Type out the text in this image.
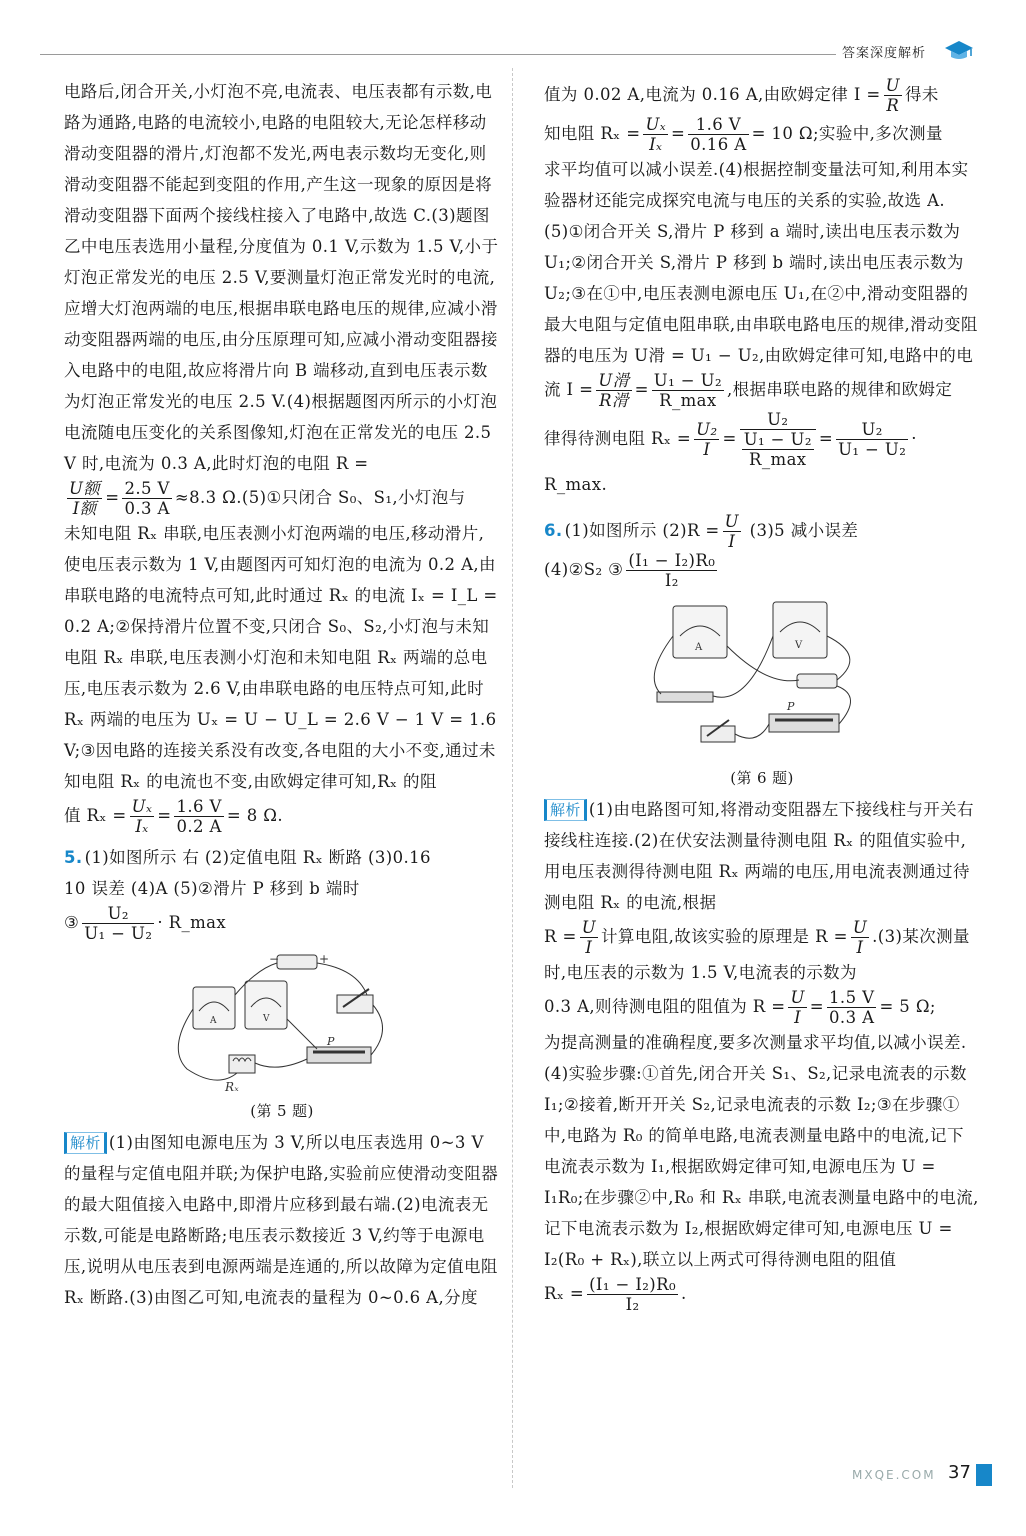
答案深度解析

电路后,闭合开关,小灯泡不亮,电流表、电压表都有示数,电路为通路,电路的电流较小,电路的电阻较大,无论怎样移动滑动变阻器的滑片,灯泡都不发光,两电表示数均无变化,则滑动变阻器不能起到变阻的作用,产生这一现象的原因是将滑动变阻器下面两个接线柱接入了电路中,故选 C.(3)题图乙中电压表选用小量程,分度值为 0.1 V,示数为 1.5 V,小于灯泡正常发光的电压 2.5 V,要测量灯泡正常发光时的电流,应增大灯泡两端的电压,根据串联电路电压的规律,应减小滑动变阻器两端的电压,由分压原理可知,应减小滑动变阻器接入电路中的电阻,故应将滑片向 B 端移动,直到电压表示数为灯泡正常发光的电压 2.5 V.(4)根据题图丙所示的小灯泡电流随电压变化的关系图像知,灯泡在正常发光的电压 2.5 V 时,电流为 0.3 A,此时灯泡的电阻 R =

$\frac{\text{U额}}{\text{I额}} = \frac{2.5 V}{0.3 A} \approx 8.3$ Ω.(5)①只闭合 S₀、S₁,小灯泡与

未知电阻 Rₓ 串联,电压表测小灯泡两端的电压,移动滑片,使电压表示数为 1 V,由题图丙可知灯泡的电流为 0.2 A,由串联电路的电流特点可知,此时通过 Rₓ 的电流 Iₓ = I_L = 0.2 A;②保持滑片位置不变,只闭合 S₀、S₂,小灯泡与未知电阻 Rₓ 串联,电压表测小灯泡和未知电阻 Rₓ 两端的总电压,电压表示数为 2.6 V,由串联电路的电压特点可知,此时 Rₓ 两端的电压为 Uₓ = U − U_L = 2.6 V − 1 V = 1.6 V;③因电路的连接关系没有改变,各电阻的大小不变,通过未知电阻 Rₓ 的电流也不变,由欧姆定律可知,Rₓ 的阻

值 $R_x = \frac{\text{Uₓ}}{\text{Iₓ}} = \frac{1.6 V}{0.2 A} = 8$ Ω.
5. (1)如图所示 右 (2)定值电阻 Rₓ 断路 (3)0.16
10 误差 (4)A (5)②滑片 P 移到 b 端时
③ $\frac{\text{U₂}}{\text{U₁ − U₂}}$ · R_max
−	+
A	V
P
Rₓ
(第 5 题)

解析 (1)由图知电源电压为 3 V,所以电压表选用 0~3 V 的量程与定值电阻并联;为保护电路,实验前应使滑动变阻器的最大阻值接入电路中,即滑片应移到最右端.(2)电流表无示数,可能是电路断路;电压表示数接近 3 V,约等于电源电压,说明从电压表到电源两端是连通的,所以故障为定值电阻 Rₓ 断路.(3)由图乙可知,电流表的量程为 0~0.6 A,分度

值为 0.02 A,电流为 0.16 A,由欧姆定律 $I = \frac{U}{R}$ 得未
知电阻 $R_x = \frac{\text{Uₓ}}{\text{Iₓ}} = \frac{1.6 V}{0.16 A} = 10$ Ω;实验中,多次测量

求平均值可以减小误差.(4)根据控制变量法可知,利用本实验器材还能完成探究电流与电压的关系的实验,故选 A.(5)①闭合开关 S,滑片 P 移到 a 端时,读出电压表示数为 U₁;②闭合开关 S,滑片 P 移到 b 端时,读出电压表示数为 U₂;③在①中,电压表测电源电压 U₁,在②中,滑动变阻器的最大电阻与定值电阻串联,由串联电路电压的规律,滑动变阻器的电压为 U滑 = U₁ − U₂,由欧姆定律可知,电路中的电

流 $I = \frac{\text{U滑}}{\text{R滑}} = \frac{\text{U₁ − U₂}}{R\_\max}$ ,根据串联电路的规律和欧姆定
律得待测电阻 $R_x = \frac{\text{U₂}}{I} = \frac{\text{U₂}}{\frac{\text{U₁ − U₂}}{R\_\max}} = \frac{\text{U₂}}{\text{U₁ − U₂}}$ · R_max.
6. (1)如图所示 $(2)R = \frac{U}{I} (3)5$ 减小误差
(4)②S₂ ③ $\frac{\text{(I₁ − I₂)R₀}}{\text{I₂}}$
A	V
P
(第 6 题)

解析 (1)由电路图可知,将滑动变阻器左下接线柱与开关右接线柱连接.(2)在伏安法测量待测电阻 Rₓ 的阻值实验中,用电压表测得待测电阻 Rₓ 两端的电压,用电流表测通过待测电阻 Rₓ 的电流,根据

$R = \frac{U}{I}$ 计算电阻,故该实验的原理是 $R = \frac{U}{I} .(3)$某次测量时,电压表的示数为 1.5 V,电流表的示数为
0.3 A,则待测电阻的阻值为 $R = \frac{U}{I} = \frac{1.5 V}{0.3 A} = 5$ Ω;

为提高测量的准确程度,要多次测量求平均值,以减小误差.(4)实验步骤:①首先,闭合开关 S₁、S₂,记录电流表的示数 I₁;②接着,断开开关 S₂,记录电流表的示数 I₂;③在步骤①中,电路为 R₀ 的简单电路,电流表测量电路中的电流,记下电流表示数为 I₁,根据欧姆定律可知,电源电压为 U = I₁R₀;在步骤②中,R₀ 和 Rₓ 串联,电流表测量电路中的电流,记下电流表示数为 I₂,根据欧姆定律可知,电源电压 U = I₂(R₀ + Rₓ),联立以上两式可得待测电阻的阻值

$R_x = \frac{\text{(I₁ − I₂)R₀}}{\text{I₂}}$ .
MXQE.COM 37
